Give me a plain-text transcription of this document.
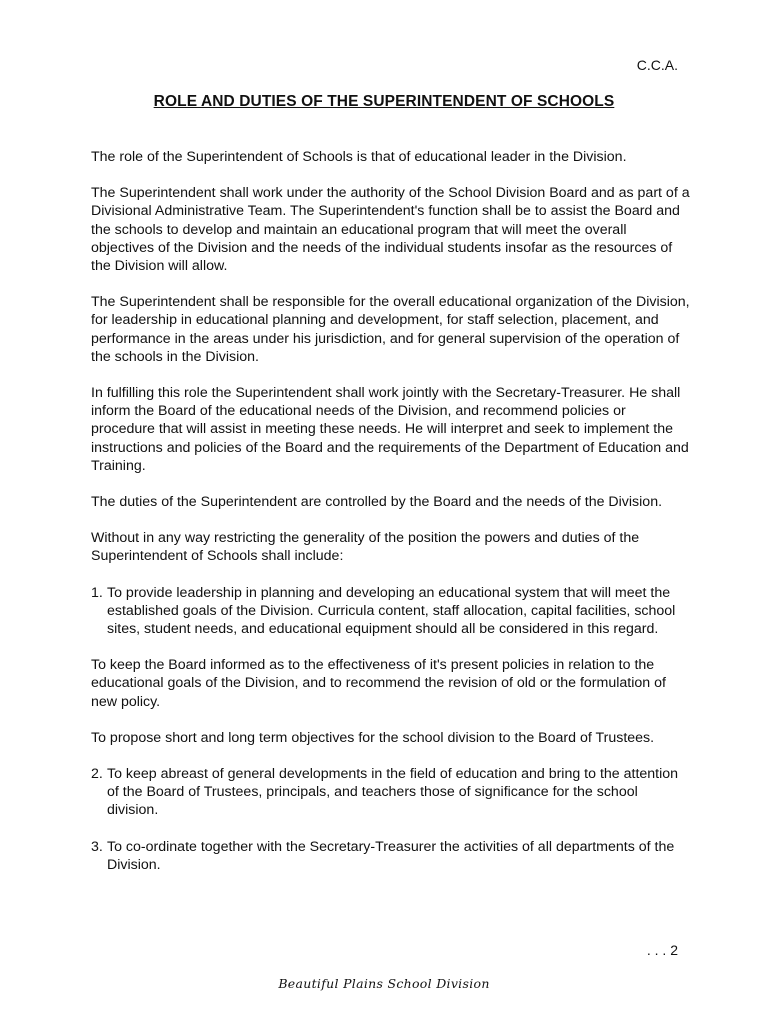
C.C.A.
ROLE AND DUTIES OF THE SUPERINTENDENT OF SCHOOLS

The role of the Superintendent of Schools is that of educational leader in the Division.

The Superintendent shall work under the authority of the School Division Board and as part of a Divisional Administrative Team. The Superintendent's function shall be to assist the Board and the schools to develop and maintain an educational program that will meet the overall objectives of the Division and the needs of the individual students insofar as the resources of the Division will allow.

The Superintendent shall be responsible for the overall educational organization of the Division, for leadership in educational planning and development, for staff selection, placement, and performance in the areas under his jurisdiction, and for general supervision of the operation of the schools in the Division.

In fulfilling this role the Superintendent shall work jointly with the Secretary-Treasurer. He shall inform the Board of the educational needs of the Division, and recommend policies or procedure that will assist in meeting these needs. He will interpret and seek to implement the instructions and policies of the Board and the requirements of the Department of Education and Training.

The duties of the Superintendent are controlled by the Board and the needs of the Division.

Without in any way restricting the generality of the position the powers and duties of the Superintendent of Schools shall include:

1. To provide leadership in planning and developing an educational system that will meet the established goals of the Division. Curricula content, staff allocation, capital facilities, school sites, student needs, and educational equipment should all be considered in this regard.

To keep the Board informed as to the effectiveness of it's present policies in relation to the educational goals of the Division, and to recommend the revision of old or the formulation of new policy.

To propose short and long term objectives for the school division to the Board of Trustees.

2. To keep abreast of general developments in the field of education and bring to the attention of the Board of Trustees, principals, and teachers those of significance for the school division.
3. To co-ordinate together with the Secretary-Treasurer the activities of all departments of the Division.
. . . 2
Beautiful Plains School Division
